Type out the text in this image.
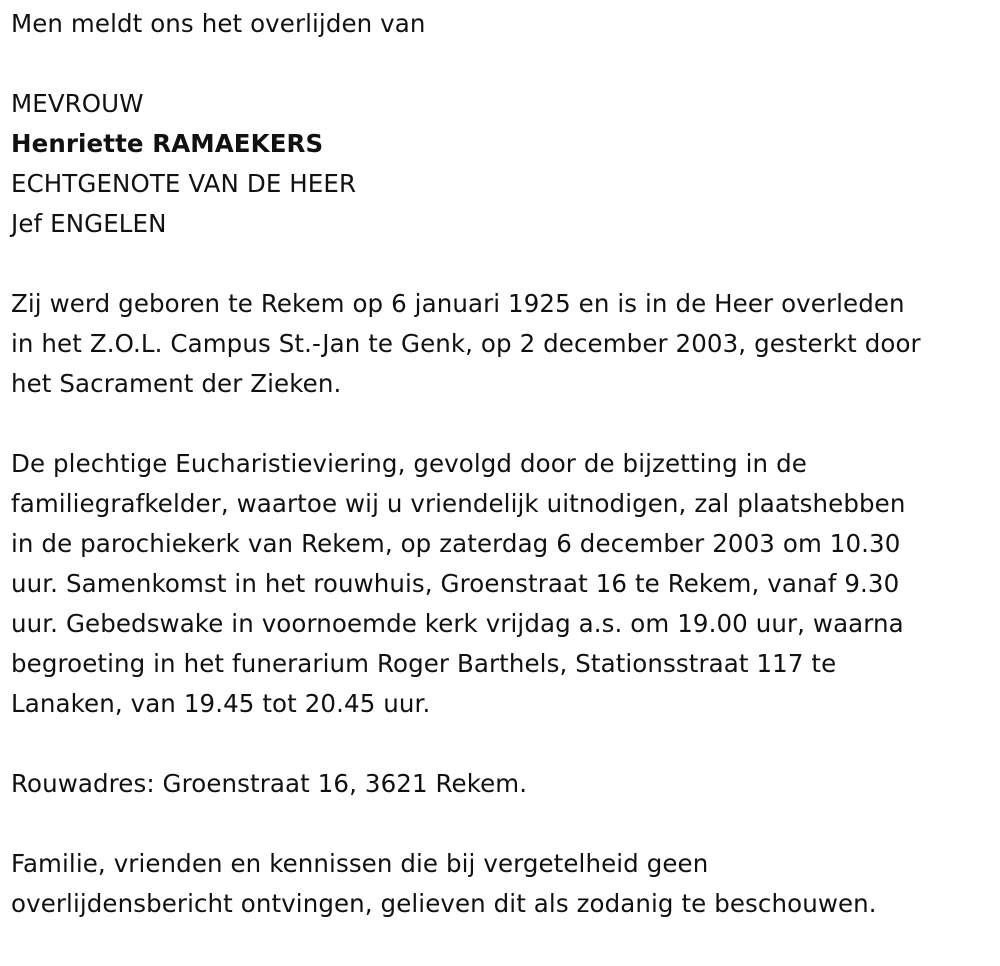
Men meldt ons het overlijden van
MEVROUW
Henriette RAMAEKERS
ECHTGENOTE VAN DE HEER
Jef ENGELEN
Zij werd geboren te Rekem op 6 januari 1925 en is in de Heer overleden
in het Z.O.L. Campus St.-Jan te Genk, op 2 december 2003, gesterkt door
het Sacrament der Zieken.
De plechtige Eucharistieviering, gevolgd door de bijzetting in de
familiegrafkelder, waartoe wij u vriendelijk uitnodigen, zal plaatshebben
in de parochiekerk van Rekem, op zaterdag 6 december 2003 om 10.30
uur. Samenkomst in het rouwhuis, Groenstraat 16 te Rekem, vanaf 9.30
uur. Gebedswake in voornoemde kerk vrijdag a.s. om 19.00 uur, waarna
begroeting in het funerarium Roger Barthels, Stationsstraat 117 te
Lanaken, van 19.45 tot 20.45 uur.
Rouwadres: Groenstraat 16, 3621 Rekem.
Familie, vrienden en kennissen die bij vergetelheid geen
overlijdensbericht ontvingen, gelieven dit als zodanig te beschouwen.
